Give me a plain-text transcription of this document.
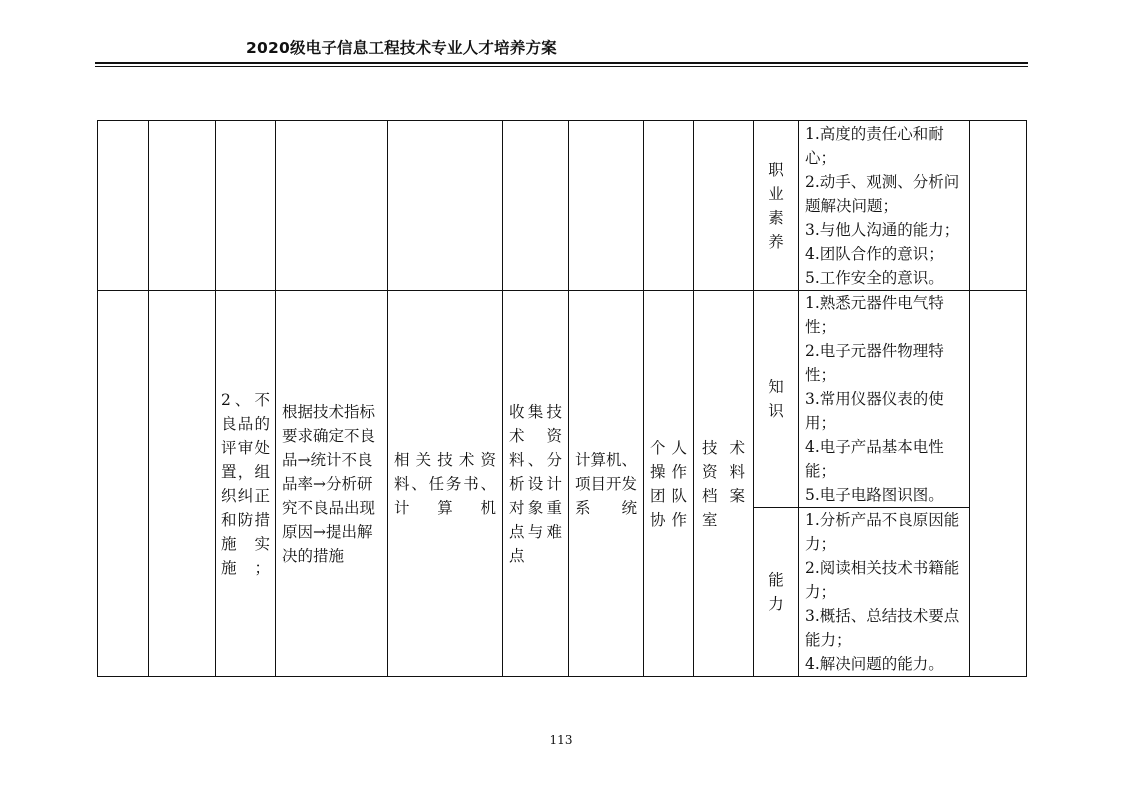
2020级电子信息工程技术专业人才培养方案

									职业素养	1.高度的责任心和耐心；
2.动手、观测、分析问题解决问题；
3.与他人沟通的能力；
4.团队合作的意识；
5.工作安全的意识。	

		2、不良品的评审处置，组织纠正和防措施实施；	根据技术指标要求确定不良品→统计不良品率→分析研究不良品出现原因→提出解决的措施	相关技术资料、任务书、计算机	收集技术资料、分析设计对象重点与难点	计算机、项目开发系统	个人操作团队协作	技术资料档案室	知识	1.熟悉元器件电气特性；
2.电子元器件物理特性；
3.常用仪器仪表的使用；
4.电子产品基本电性能；
5.电子电路图识图。	

									能力	1.分析产品不良原因能力；
2.阅读相关技术书籍能力；
3.概括、总结技术要点能力；
4.解决问题的能力。	
113
